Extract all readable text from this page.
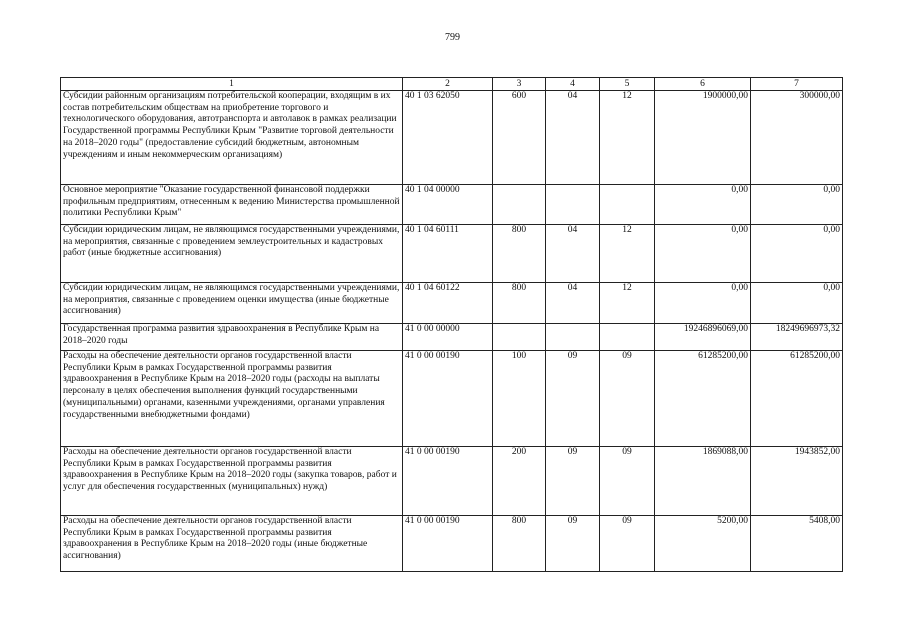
799
1	2	3	4	5	6	7
Субсидии районным организациям потребительской кооперации, входящим в их состав потребительским обществам на приобретение торгового и технологического оборудования, автотранспорта и автолавок в рамках реализации Государственной программы Республики Крым "Развитие торговой деятельности на 2018–2020 годы" (предоставление субсидий бюджетным, автономным учреждениям и иным некоммерческим организациям)	40 1 03 62050	600	04	12	1900000,00	300000,00
Основное мероприятие "Оказание государственной финансовой поддержки профильным предприятиям, отнесенным к ведению Министерства промышленной политики Республики Крым"	40 1 04 00000				0,00	0,00
Субсидии юридическим лицам, не являющимся государственными учреждениями, на мероприятия, связанные с проведением землеустроительных и кадастровых работ (иные бюджетные ассигнования)	40 1 04 60111	800	04	12	0,00	0,00
Субсидии юридическим лицам, не являющимся государственными учреждениями, на мероприятия, связанные с проведением оценки имущества (иные бюджетные ассигнования)	40 1 04 60122	800	04	12	0,00	0,00
Государственная программа развития здравоохранения в Республике Крым на 2018–2020 годы	41 0 00 00000				19246896069,00	18249696973,32
Расходы на обеспечение деятельности органов государственной власти Республики Крым в рамках Государственной программы развития здравоохранения в Республике Крым на 2018–2020 годы (расходы на выплаты персоналу в целях обеспечения выполнения функций государственными (муниципальными) органами, казенными учреждениями, органами управления государственными внебюджетными фондами)	41 0 00 00190	100	09	09	61285200,00	61285200,00
Расходы на обеспечение деятельности органов государственной власти Республики Крым в рамках Государственной программы развития здравоохранения в Республике Крым на 2018–2020 годы (закупка товаров, работ и услуг для обеспечения государственных (муниципальных) нужд)	41 0 00 00190	200	09	09	1869088,00	1943852,00
Расходы на обеспечение деятельности органов государственной власти Республики Крым в рамках Государственной программы развития здравоохранения в Республике Крым на 2018–2020 годы (иные бюджетные ассигнования)	41 0 00 00190	800	09	09	5200,00	5408,00
